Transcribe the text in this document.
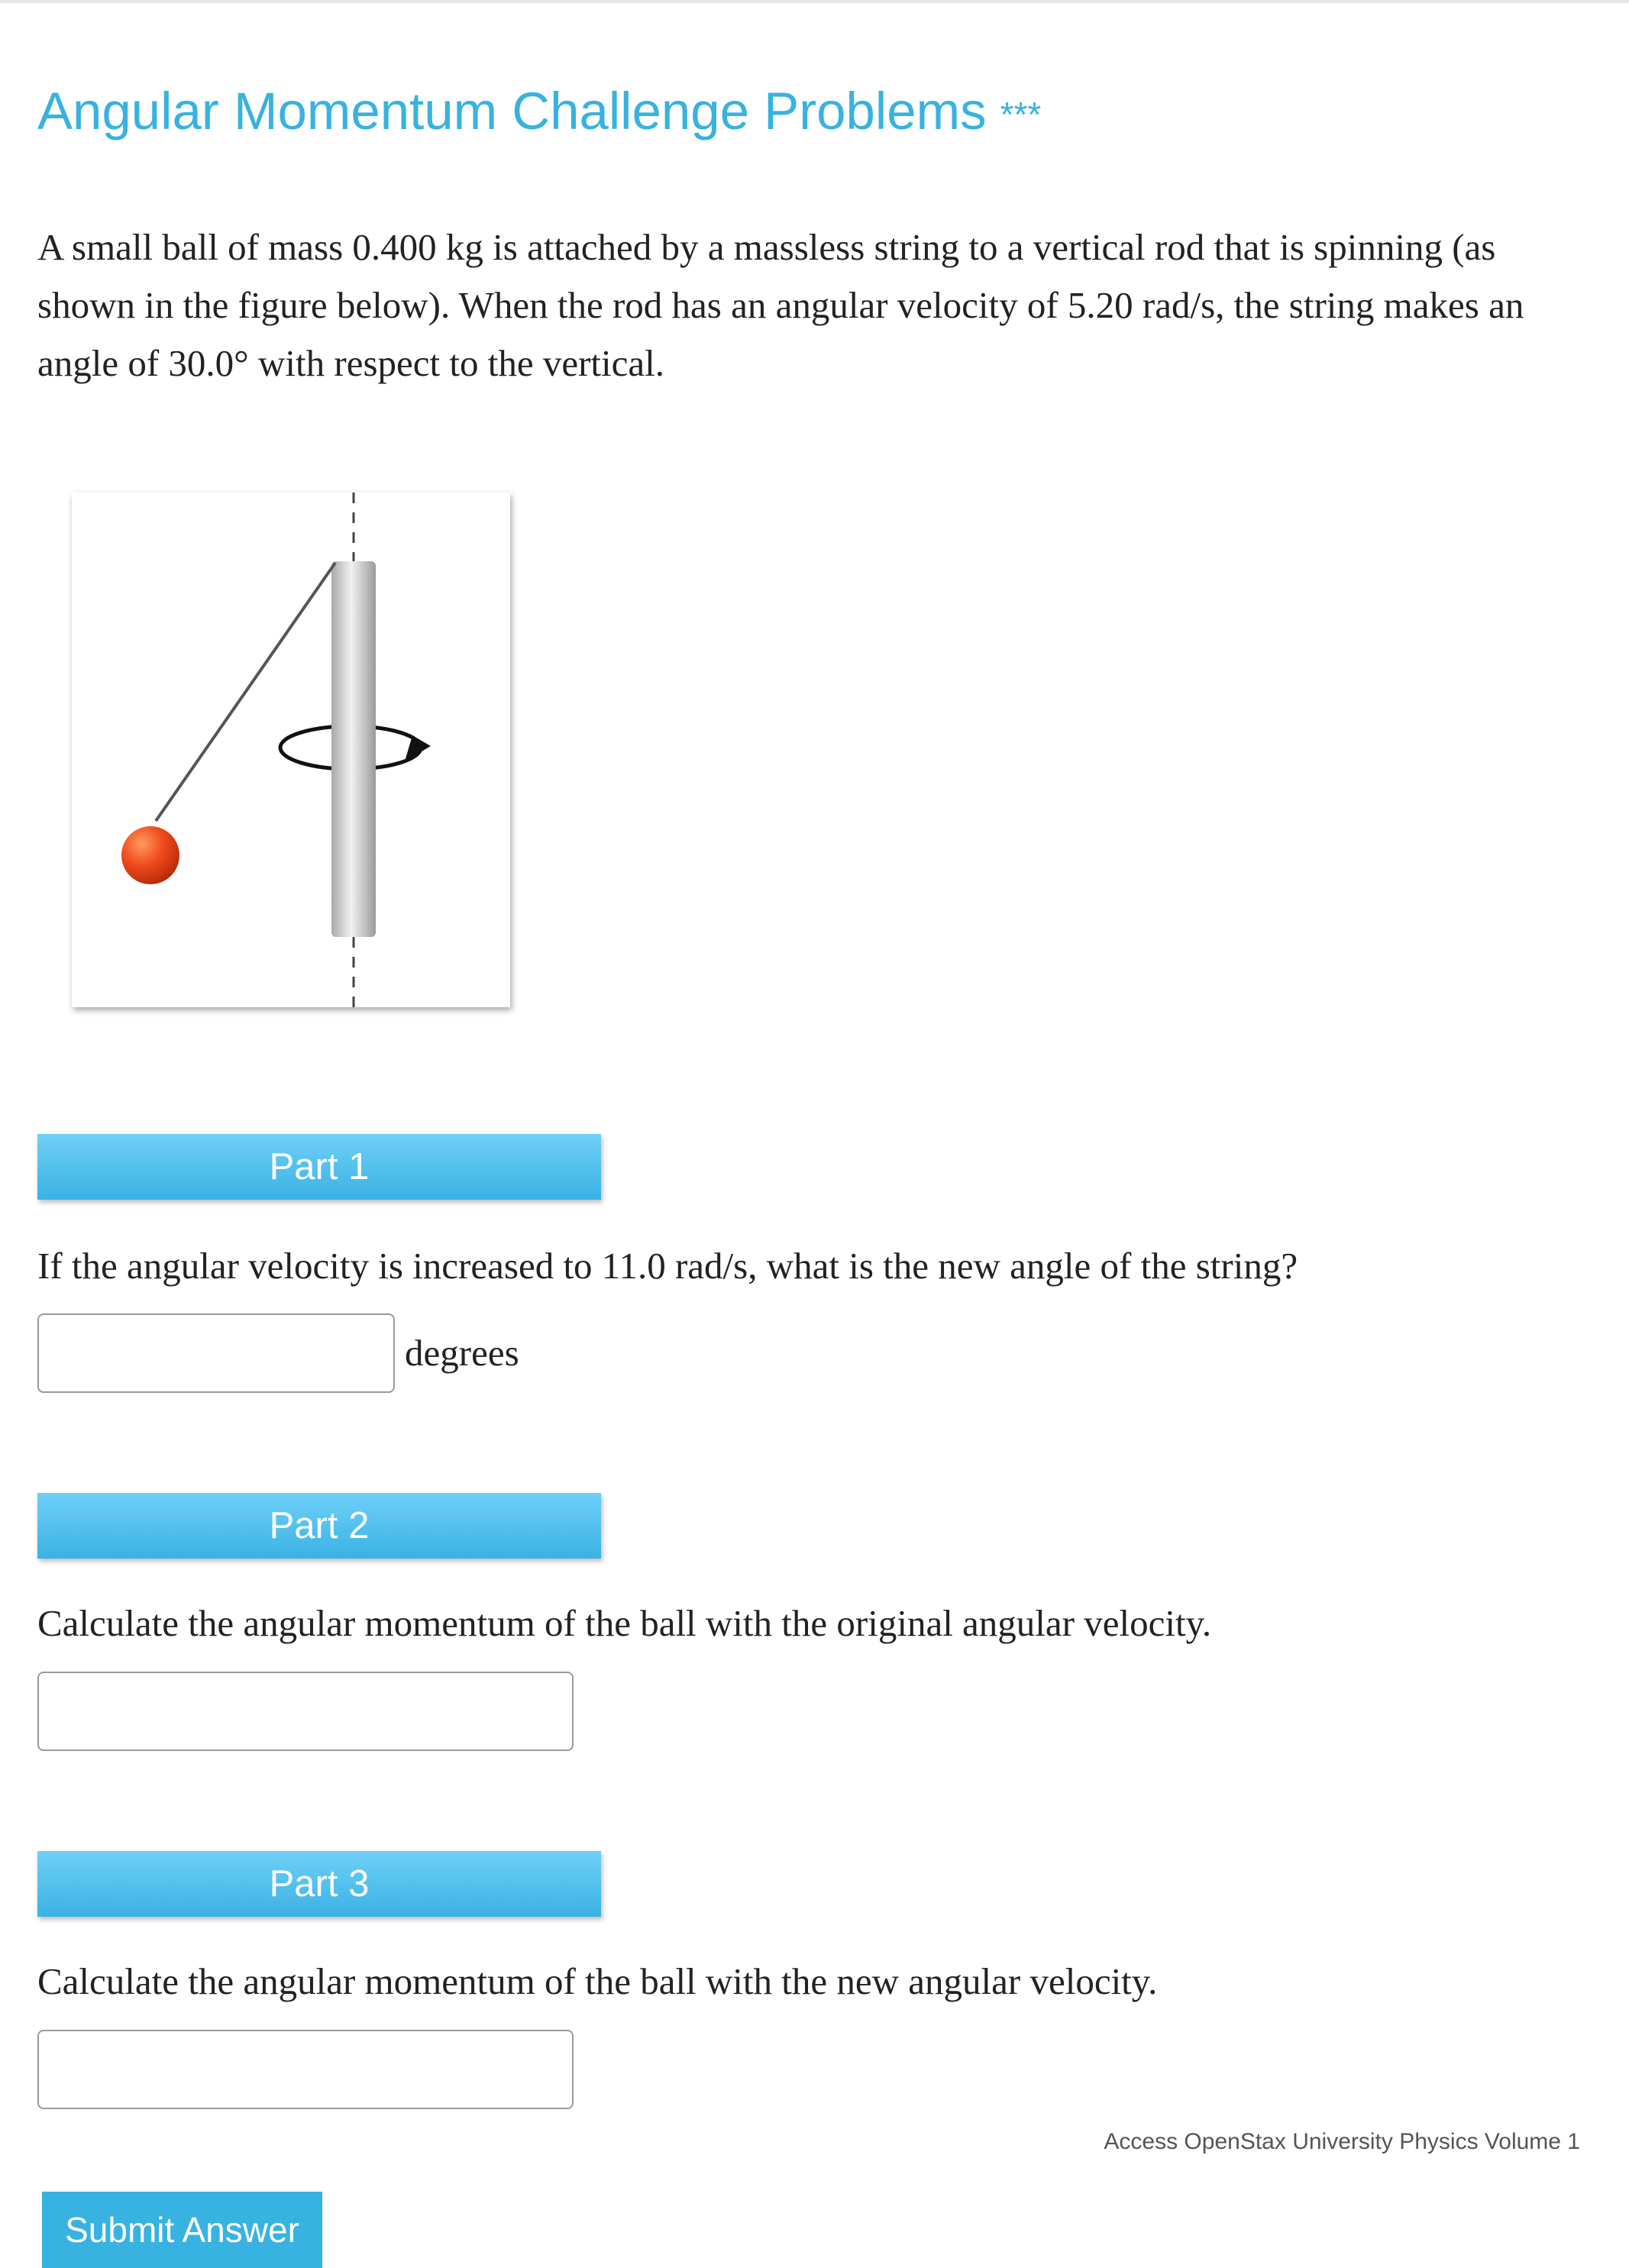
Angular Momentum Challenge Problems ***

A small ball of mass 0.400 kg is attached by a massless string to a vertical rod that is spinning (as shown in the figure below). When the rod has an angular velocity of 5.20 rad/s, the string makes an angle of 30.0° with respect to the vertical.

Part 1

If the angular velocity is increased to 11.0 rad/s, what is the new angle of the string?

degrees
Part 2

Calculate the angular momentum of the ball with the original angular velocity.

Part 3

Calculate the angular momentum of the ball with the new angular velocity.

Access OpenStax University Physics Volume 1
Submit Answer
